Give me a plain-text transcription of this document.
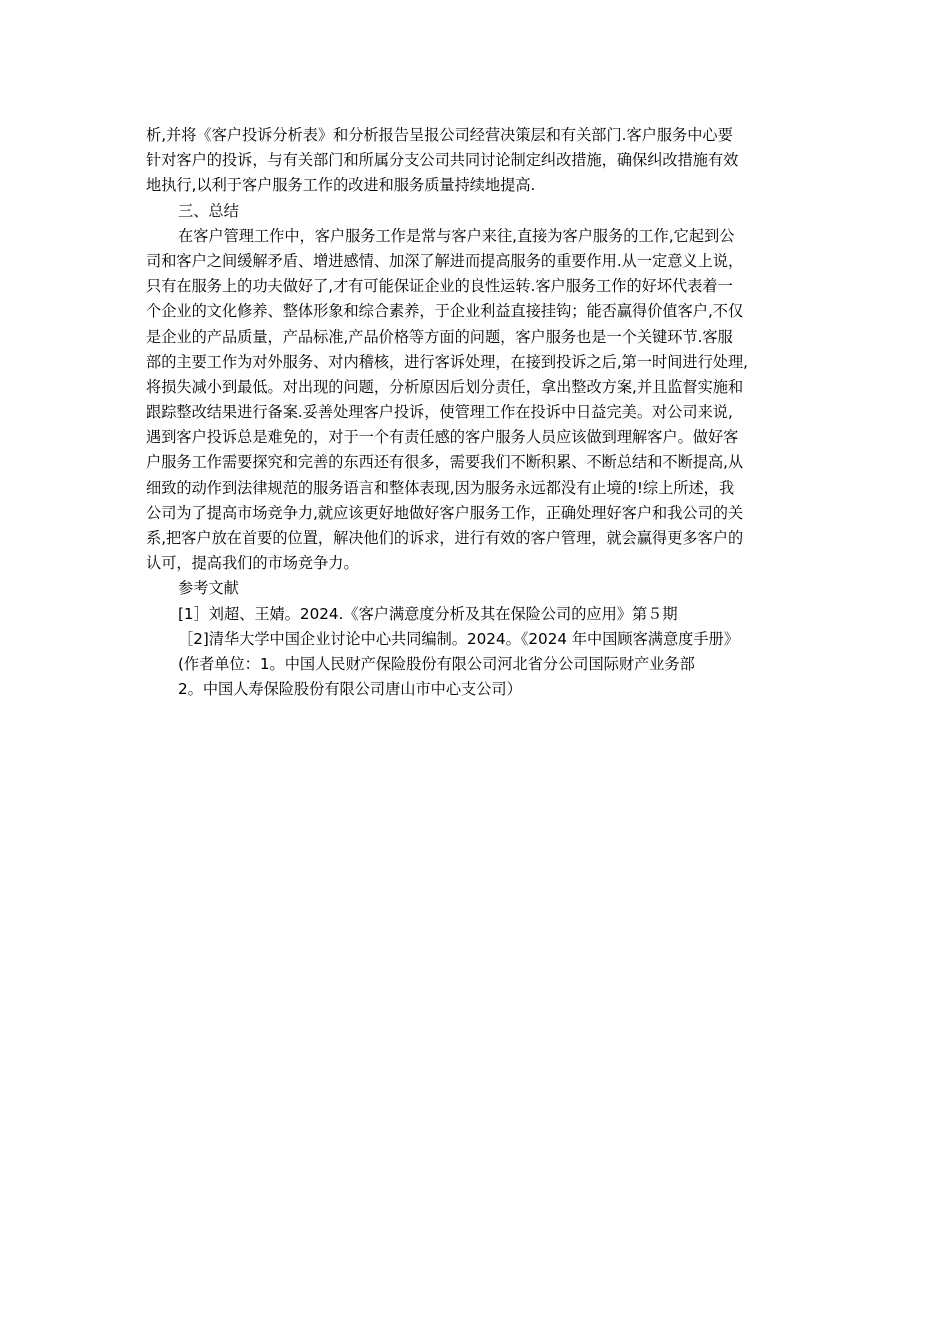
析,并将《客户投诉分析表》和分析报告呈报公司经营决策层和有关部门.客户服务中心要
针对客户的投诉，与有关部门和所属分支公司共同讨论制定纠改措施，确保纠改措施有效
地执行,以利于客户服务工作的改进和服务质量持续地提高.
三、总结
在客户管理工作中，客户服务工作是常与客户来往,直接为客户服务的工作,它起到公
司和客户之间缓解矛盾、增进感情、加深了解进而提高服务的重要作用.从一定意义上说，
只有在服务上的功夫做好了,才有可能保证企业的良性运转.客户服务工作的好坏代表着一
个企业的文化修养、整体形象和综合素养，于企业利益直接挂钩；能否赢得价值客户,不仅
是企业的产品质量，产品标准,产品价格等方面的问题，客户服务也是一个关键环节.客服
部的主要工作为对外服务、对内稽核，进行客诉处理，在接到投诉之后,第一时间进行处理,
将损失减小到最低。对出现的问题，分析原因后划分责任，拿出整改方案,并且监督实施和
跟踪整改结果进行备案.妥善处理客户投诉，使管理工作在投诉中日益完美。对公司来说,
遇到客户投诉总是难免的，对于一个有责任感的客户服务人员应该做到理解客户。做好客
户服务工作需要探究和完善的东西还有很多，需要我们不断积累、不断总结和不断提高,从
细致的动作到法律规范的服务语言和整体表现,因为服务永远都没有止境的!综上所述，我
公司为了提高市场竞争力,就应该更好地做好客户服务工作，正确处理好客户和我公司的关
系,把客户放在首要的位置，解决他们的诉求，进行有效的客户管理，就会赢得更多客户的
认可，提高我们的市场竞争力。
参考文献
[1］刘超、王婧。2024.《客户满意度分析及其在保险公司的应用》第５期
［2]清华大学中国企业讨论中心共同编制。2024。《2024 年中国顾客满意度手册》
(作者单位：1。中国人民财产保险股份有限公司河北省分公司国际财产业务部
2。中国人寿保险股份有限公司唐山市中心支公司）
